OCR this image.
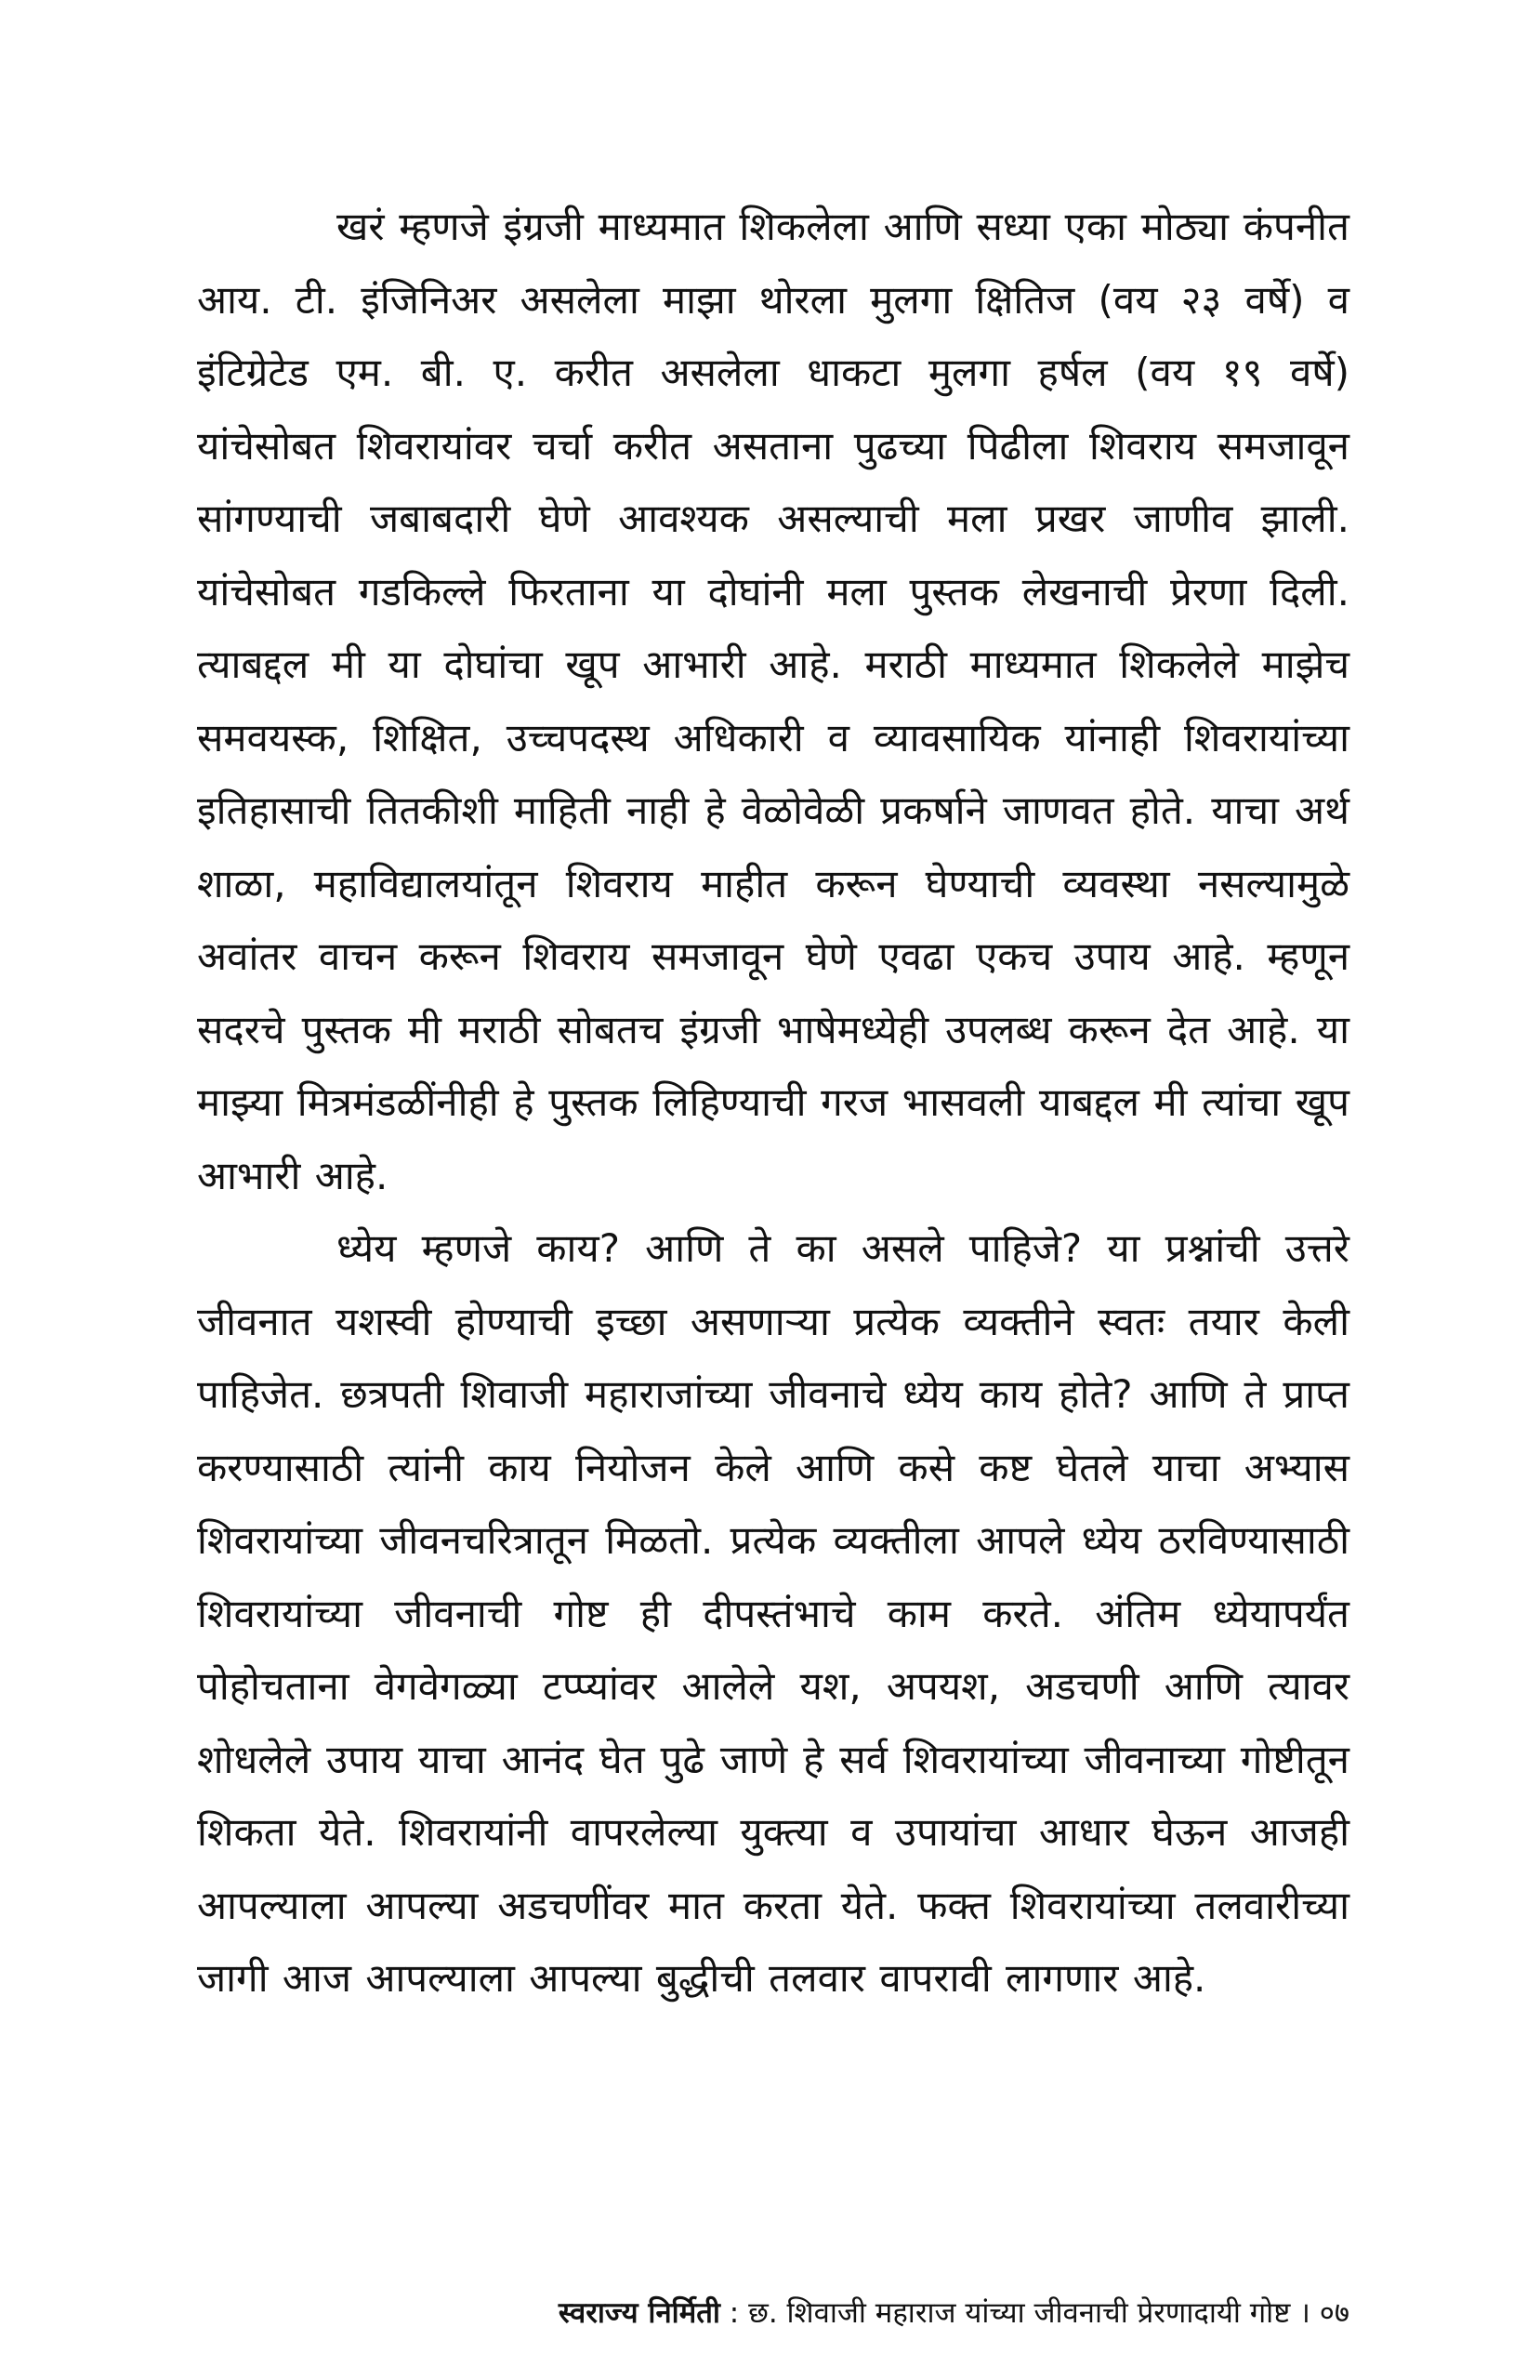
खरं म्हणजे इंग्रजी माध्यमात शिकलेला आणि सध्या एका मोठ्या कंपनीत आय. टी. इंजिनिअर असलेला माझा थोरला मुलगा क्षितिज (वय २३ वर्षे) व इंटिग्रेटेड एम. बी. ए. करीत असलेला धाकटा मुलगा हर्षल (वय १९ वर्षे) यांचेसोबत शिवरायांवर चर्चा करीत असताना पुढच्या पिढीला शिवराय समजावून सांगण्याची जबाबदारी घेणे आवश्यक असल्याची मला प्रखर जाणीव झाली. यांचेसोबत गडकिल्ले फिरताना या दोघांनी मला पुस्तक लेखनाची प्रेरणा दिली. त्याबद्दल मी या दोघांचा खूप आभारी आहे. मराठी माध्यमात शिकलेले माझेच समवयस्क, शिक्षित, उच्चपदस्थ अधिकारी व व्यावसायिक यांनाही शिवरायांच्या इतिहासाची तितकीशी माहिती नाही हे वेळोवेळी प्रकर्षाने जाणवत होते. याचा अर्थ शाळा, महाविद्यालयांतून शिवराय माहीत करून घेण्याची व्यवस्था नसल्यामुळे अवांतर वाचन करून शिवराय समजावून घेणे एवढा एकच उपाय आहे. म्हणून सदरचे पुस्तक मी मराठी सोबतच इंग्रजी भाषेमध्येही उपलब्ध करून देत आहे. या माझ्या मित्रमंडळींनीही हे पुस्तक लिहिण्याची गरज भासवली याबद्दल मी त्यांचा खूप आभारी आहे.

ध्येय म्हणजे काय? आणि ते का असले पाहिजे? या प्रश्नांची उत्तरे जीवनात यशस्वी होण्याची इच्छा असणाऱ्या प्रत्येक व्यक्तीने स्वतः तयार केली पाहिजेत. छत्रपती शिवाजी महाराजांच्या जीवनाचे ध्येय काय होते? आणि ते प्राप्त करण्यासाठी त्यांनी काय नियोजन केले आणि कसे कष्ट घेतले याचा अभ्यास शिवरायांच्या जीवनचरित्रातून मिळतो. प्रत्येक व्यक्तीला आपले ध्येय ठरविण्यासाठी शिवरायांच्या जीवनाची गोष्ट ही दीपस्तंभाचे काम करते. अंतिम ध्येयापर्यंत पोहोचताना वेगवेगळ्या टप्प्यांवर आलेले यश, अपयश, अडचणी आणि त्यावर शोधलेले उपाय याचा आनंद घेत पुढे जाणे हे सर्व शिवरायांच्या जीवनाच्या गोष्टीतून शिकता येते. शिवरायांनी वापरलेल्या युक्त्या व उपायांचा आधार घेऊन आजही आपल्याला आपल्या अडचणींवर मात करता येते. फक्त शिवरायांच्या तलवारीच्या जागी आज आपल्याला आपल्या बुद्धीची तलवार वापरावी लागणार आहे.

स्वराज्य निर्मिती : छ. शिवाजी महाराज यांच्या जीवनाची प्रेरणादायी गोष्ट । ०७
